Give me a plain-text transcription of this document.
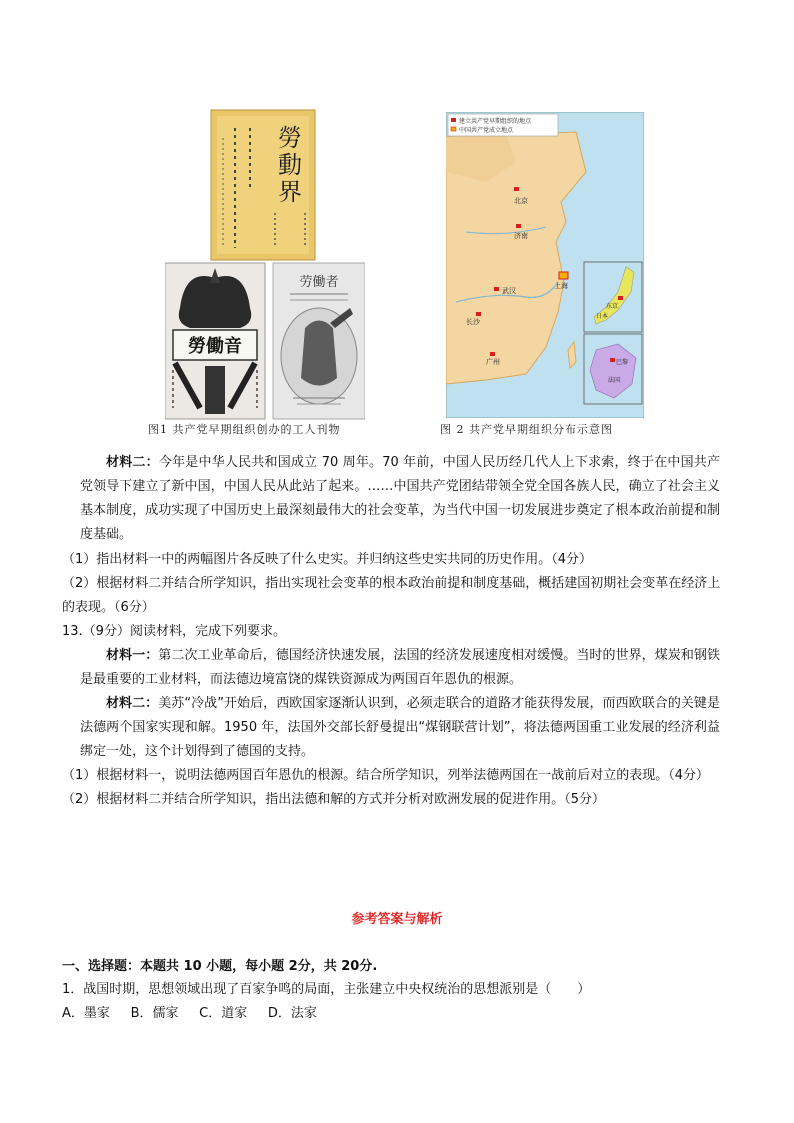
勞
動
界
勞働音
劳働者
图1 共产党早期组织创办的工人刊物
建立共产党早期组织的地点
中国共产党成立地点
北京
济南
武汉
长沙
广州
上海
东京
日本
巴黎
法国
图 2 共产党早期组织分布示意图

材料二：今年是中华人民共和国成立 70 周年。70 年前，中国人民历经几代人上下求索，终于在中国共产党领导下建立了新中国，中国人民从此站了起来。……中国共产党团结带领全党全国各族人民，确立了社会主义基本制度，成功实现了中国历史上最深刻最伟大的社会变革，为当代中国一切发展进步奠定了根本政治前提和制度基础。

（1）指出材料一中的两幅图片各反映了什么史实。并归纳这些史实共同的历史作用。（4分）

（2）根据材料二并结合所学知识，指出实现社会变革的根本政治前提和制度基础，概括建国初期社会变革在经济上的表现。（6分）

13.（9分）阅读材料，完成下列要求。

材料一：第二次工业革命后，德国经济快速发展，法国的经济发展速度相对缓慢。当时的世界，煤炭和钢铁是最重要的工业材料，而法德边境富饶的煤铁资源成为两国百年恩仇的根源。

材料二：美苏“冷战”开始后，西欧国家逐渐认识到，必须走联合的道路才能获得发展，而西欧联合的关键是法德两个国家实现和解。1950 年，法国外交部长舒曼提出“煤钢联营计划”，将法德两国重工业发展的经济利益绑定一处，这个计划得到了德国的支持。

（1）根据材料一，说明法德两国百年恩仇的根源。结合所学知识，列举法德两国在一战前后对立的表现。（4分）

（2）根据材料二并结合所学知识，指出法德和解的方式并分析对欧洲发展的促进作用。（5分）

参考答案与解析
一、选择题：本题共 10 小题，每小题 2分，共 20分.
1．战国时期，思想领域出现了百家争鸣的局面，主张建立中央权统治的思想派别是（　　）
A．墨家 B．儒家 C．道家 D．法家
